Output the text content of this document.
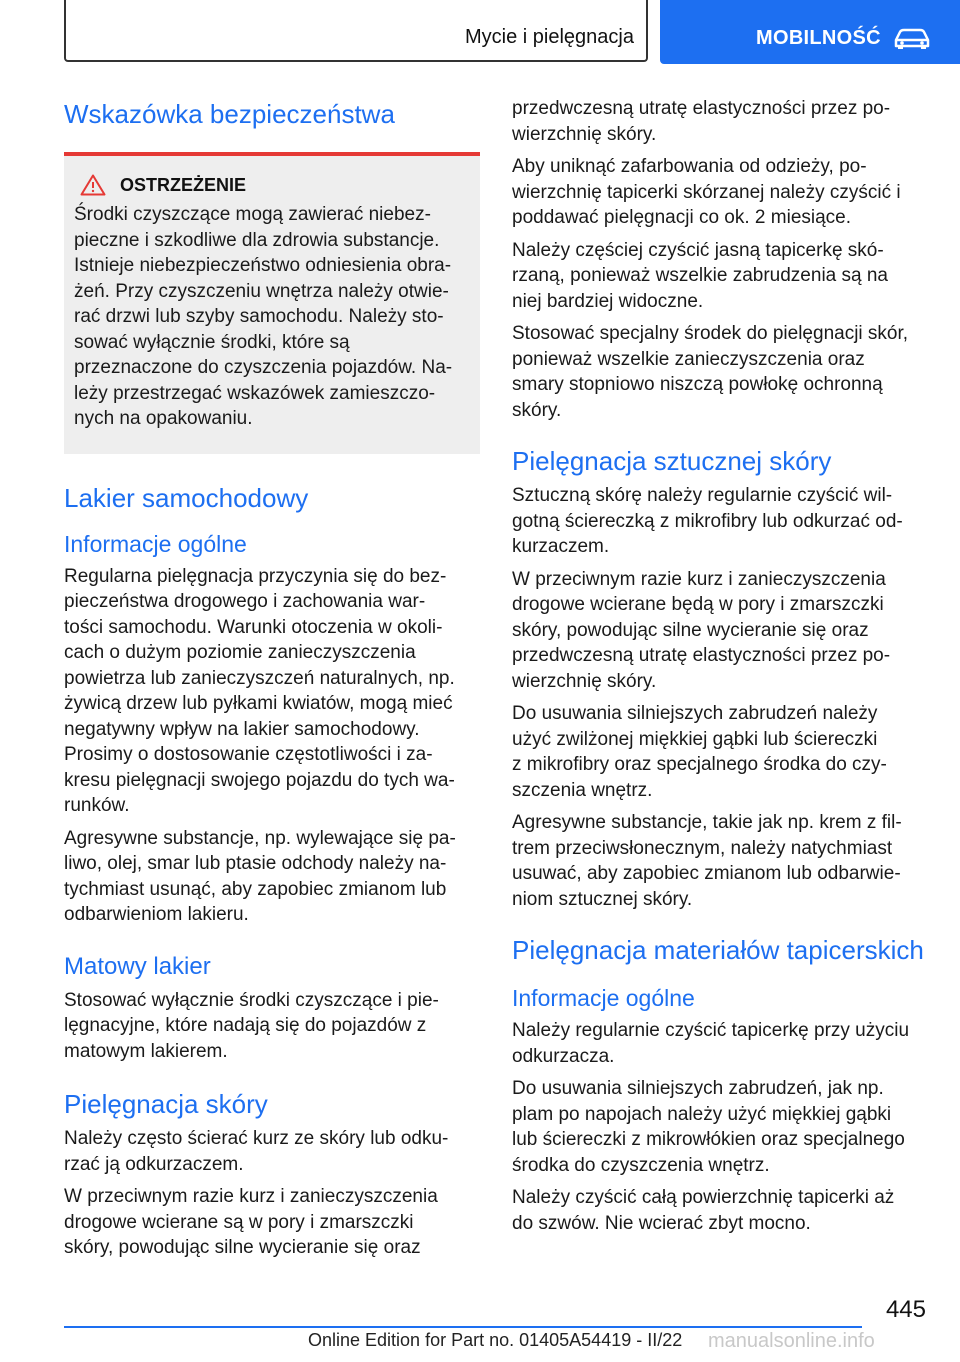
Mycie i pielęgnacja	MOBILNOŚĆ
Wskazówka bezpieczeństwa
OSTRZEŻENIE

Środki czyszczące mogą zawierać niebez-
pieczne i szkodliwe dla zdrowia substancje.
Istnieje niebezpieczeństwo odniesienia obra-
żeń. Przy czyszczeniu wnętrza należy otwie-
rać drzwi lub szyby samochodu. Należy sto-
sować wyłącznie środki, które są
przeznaczone do czyszczenia pojazdów. Na-
leży przestrzegać wskazówek zamieszczo-
nych na opakowaniu.

Lakier samochodowy
Informacje ogólne

Regularna pielęgnacja przyczynia się do bez-
pieczeństwa drogowego i zachowania war-
tości samochodu. Warunki otoczenia w okoli-
cach o dużym poziomie zanieczyszczenia
powietrza lub zanieczyszczeń naturalnych, np.
żywicą drzew lub pyłkami kwiatów, mogą mieć
negatywny wpływ na lakier samochodowy.
Prosimy o dostosowanie częstotliwości i za-
kresu pielęgnacji swojego pojazdu do tych wa-
runków.

Agresywne substancje, np. wylewające się pa-
liwo, olej, smar lub ptasie odchody należy na-
tychmiast usunąć, aby zapobiec zmianom lub
odbarwieniom lakieru.

Matowy lakier

Stosować wyłącznie środki czyszczące i pie-
lęgnacyjne, które nadają się do pojazdów z
matowym lakierem.

Pielęgnacja skóry

Należy często ścierać kurz ze skóry lub odku-
rzać ją odkurzaczem.

W przeciwnym razie kurz i zanieczyszczenia
drogowe wcierane są w pory i zmarszczki
skóry, powodując silne wycieranie się oraz

przedwczesną utratę elastyczności przez po-
wierzchnię skóry.

Aby uniknąć zafarbowania od odzieży, po-
wierzchnię tapicerki skórzanej należy czyścić i
poddawać pielęgnacji co ok. 2 miesiące.

Należy częściej czyścić jasną tapicerkę skó-
rzaną, ponieważ wszelkie zabrudzenia są na
niej bardziej widoczne.

Stosować specjalny środek do pielęgnacji skór,
ponieważ wszelkie zanieczyszczenia oraz
smary stopniowo niszczą powłokę ochronną
skóry.

Pielęgnacja sztucznej skóry

Sztuczną skórę należy regularnie czyścić wil-
gotną ściereczką z mikrofibry lub odkurzać od-
kurzaczem.

W przeciwnym razie kurz i zanieczyszczenia
drogowe wcierane będą w pory i zmarszczki
skóry, powodując silne wycieranie się oraz
przedwczesną utratę elastyczności przez po-
wierzchnię skóry.

Do usuwania silniejszych zabrudzeń należy
użyć zwilżonej miękkiej gąbki lub ściereczki
z mikrofibry oraz specjalnego środka do czy-
szczenia wnętrz.

Agresywne substancje, takie jak np. krem z fil-
trem przeciwsłonecznym, należy natychmiast
usuwać, aby zapobiec zmianom lub odbarwie-
niom sztucznej skóry.

Pielęgnacja materiałów tapicerskich
Informacje ogólne

Należy regularnie czyścić tapicerkę przy użyciu
odkurzacza.

Do usuwania silniejszych zabrudzeń, jak np.
plam po napojach należy użyć miękkiej gąbki
lub ściereczki z mikrowłókien oraz specjalnego
środka do czyszczenia wnętrz.

Należy czyścić całą powierzchnię tapicerki aż
do szwów. Nie wcierać zbyt mocno.

445
Online Edition for Part no. 01405A54419 - II/22 manualsonline.info
